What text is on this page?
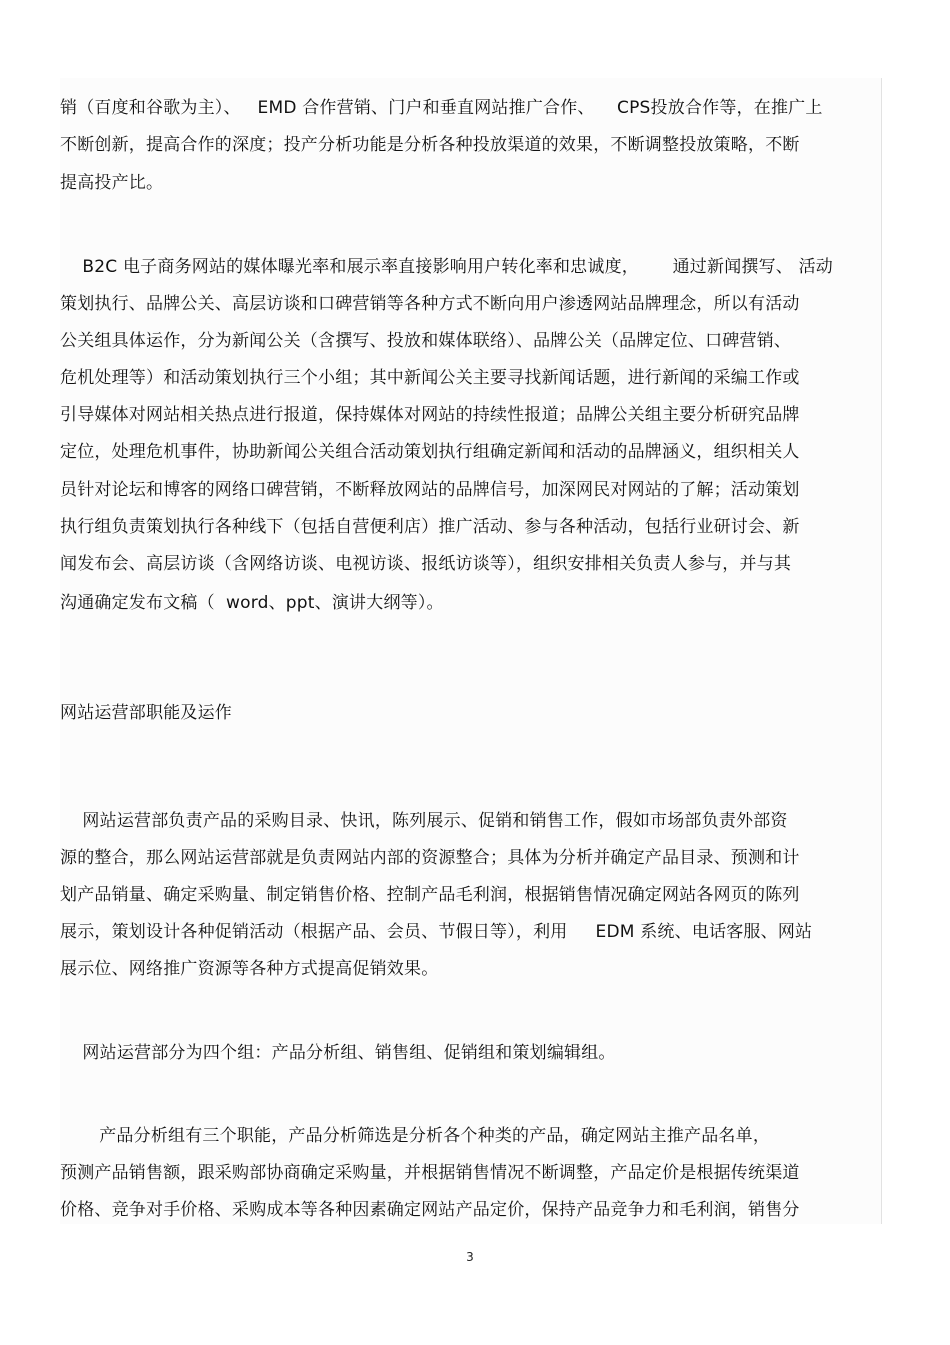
销（百度和谷歌为主）、   EMD 合作营销、门户和垂直网站推广合作、    CPS投放合作等，在推广上
不断创新，提高合作的深度；投产分析功能是分析各种投放渠道的效果，不断调整投放策略，不断
提高投产比。
B2C 电子商务网站的媒体曝光率和展示率直接影响用户转化率和忠诚度，      通过新闻撰写、 活动
策划执行、品牌公关、高层访谈和口碑营销等各种方式不断向用户渗透网站品牌理念，所以有活动
公关组具体运作，分为新闻公关（含撰写、投放和媒体联络）、品牌公关（品牌定位、口碑营销、
危机处理等）和活动策划执行三个小组；其中新闻公关主要寻找新闻话题，进行新闻的采编工作或
引导媒体对网站相关热点进行报道，保持媒体对网站的持续性报道；品牌公关组主要分析研究品牌
定位，处理危机事件，协助新闻公关组合活动策划执行组确定新闻和活动的品牌涵义，组织相关人
员针对论坛和博客的网络口碑营销，不断释放网站的品牌信号，加深网民对网站的了解；活动策划
执行组负责策划执行各种线下（包括自营便利店）推广活动、参与各种活动，包括行业研讨会、新
闻发布会、高层访谈（含网络访谈、电视访谈、报纸访谈等），组织安排相关负责人参与，并与其
沟通确定发布文稿（  word、ppt、演讲大纲等）。
网站运营部职能及运作
网站运营部负责产品的采购目录、快讯，陈列展示、促销和销售工作，假如市场部负责外部资
源的整合，那么网站运营部就是负责网站内部的资源整合；具体为分析并确定产品目录、预测和计
划产品销量、确定采购量、制定销售价格、控制产品毛利润，根据销售情况确定网站各网页的陈列
展示，策划设计各种促销活动（根据产品、会员、节假日等），利用     EDM 系统、电话客服、网站
展示位、网络推广资源等各种方式提高促销效果。
网站运营部分为四个组：产品分析组、销售组、促销组和策划编辑组。
产品分析组有三个职能，产品分析筛选是分析各个种类的产品，确定网站主推产品名单，
预测产品销售额，跟采购部协商确定采购量，并根据销售情况不断调整，产品定价是根据传统渠道
价格、竞争对手价格、采购成本等各种因素确定网站产品定价，保持产品竞争力和毛利润，销售分
3
